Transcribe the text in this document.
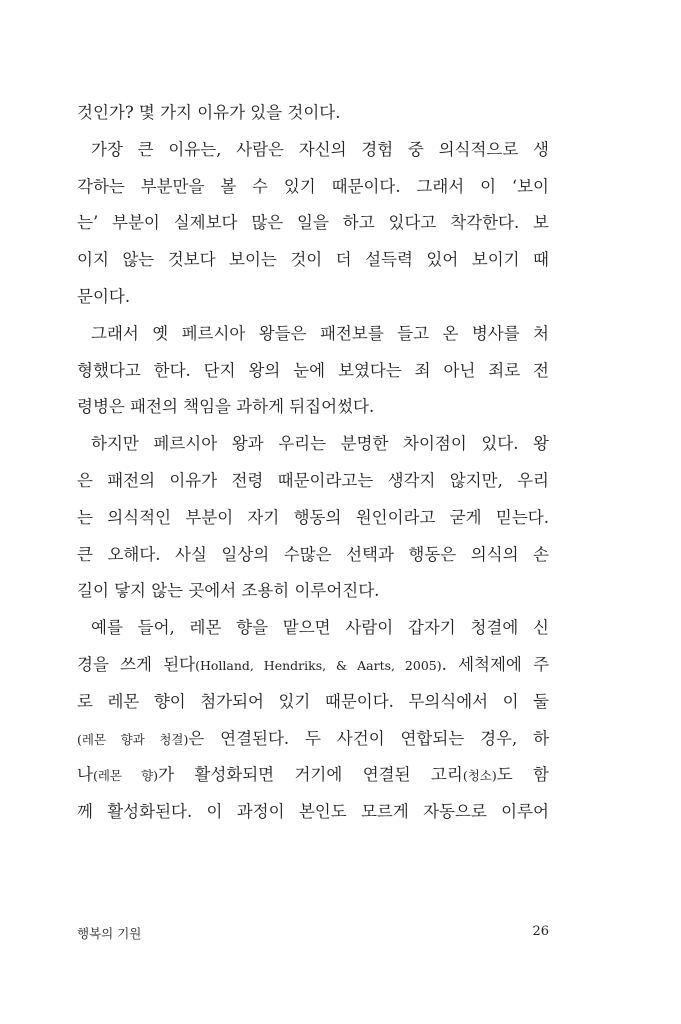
것인가? 몇 가지 이유가 있을 것이다.
가장 큰 이유는, 사람은 자신의 경험 중 의식적으로 생
각하는 부분만을 볼 수 있기 때문이다. 그래서 이 ‘보이
는’ 부분이 실제보다 많은 일을 하고 있다고 착각한다. 보
이지 않는 것보다 보이는 것이 더 설득력 있어 보이기 때
문이다.
그래서 옛 페르시아 왕들은 패전보를 들고 온 병사를 처
형했다고 한다. 단지 왕의 눈에 보였다는 죄 아닌 죄로 전
령병은 패전의 책임을 과하게 뒤집어썼다.
하지만 페르시아 왕과 우리는 분명한 차이점이 있다. 왕
은 패전의 이유가 전령 때문이라고는 생각지 않지만, 우리
는 의식적인 부분이 자기 행동의 원인이라고 굳게 믿는다.
큰 오해다. 사실 일상의 수많은 선택과 행동은 의식의 손
길이 닿지 않는 곳에서 조용히 이루어진다.
예를 들어, 레몬 향을 맡으면 사람이 갑자기 청결에 신
경을 쓰게 된다(Holland, Hendriks, & Aarts, 2005). 세척제에 주
로 레몬 향이 첨가되어 있기 때문이다. 무의식에서 이 둘
(레몬 향과 청결)은 연결된다. 두 사건이 연합되는 경우, 하
나(레몬 향)가 활성화되면 거기에 연결된 고리(청소)도 함
께 활성화된다. 이 과정이 본인도 모르게 자동으로 이루어
행복의 기원	26
